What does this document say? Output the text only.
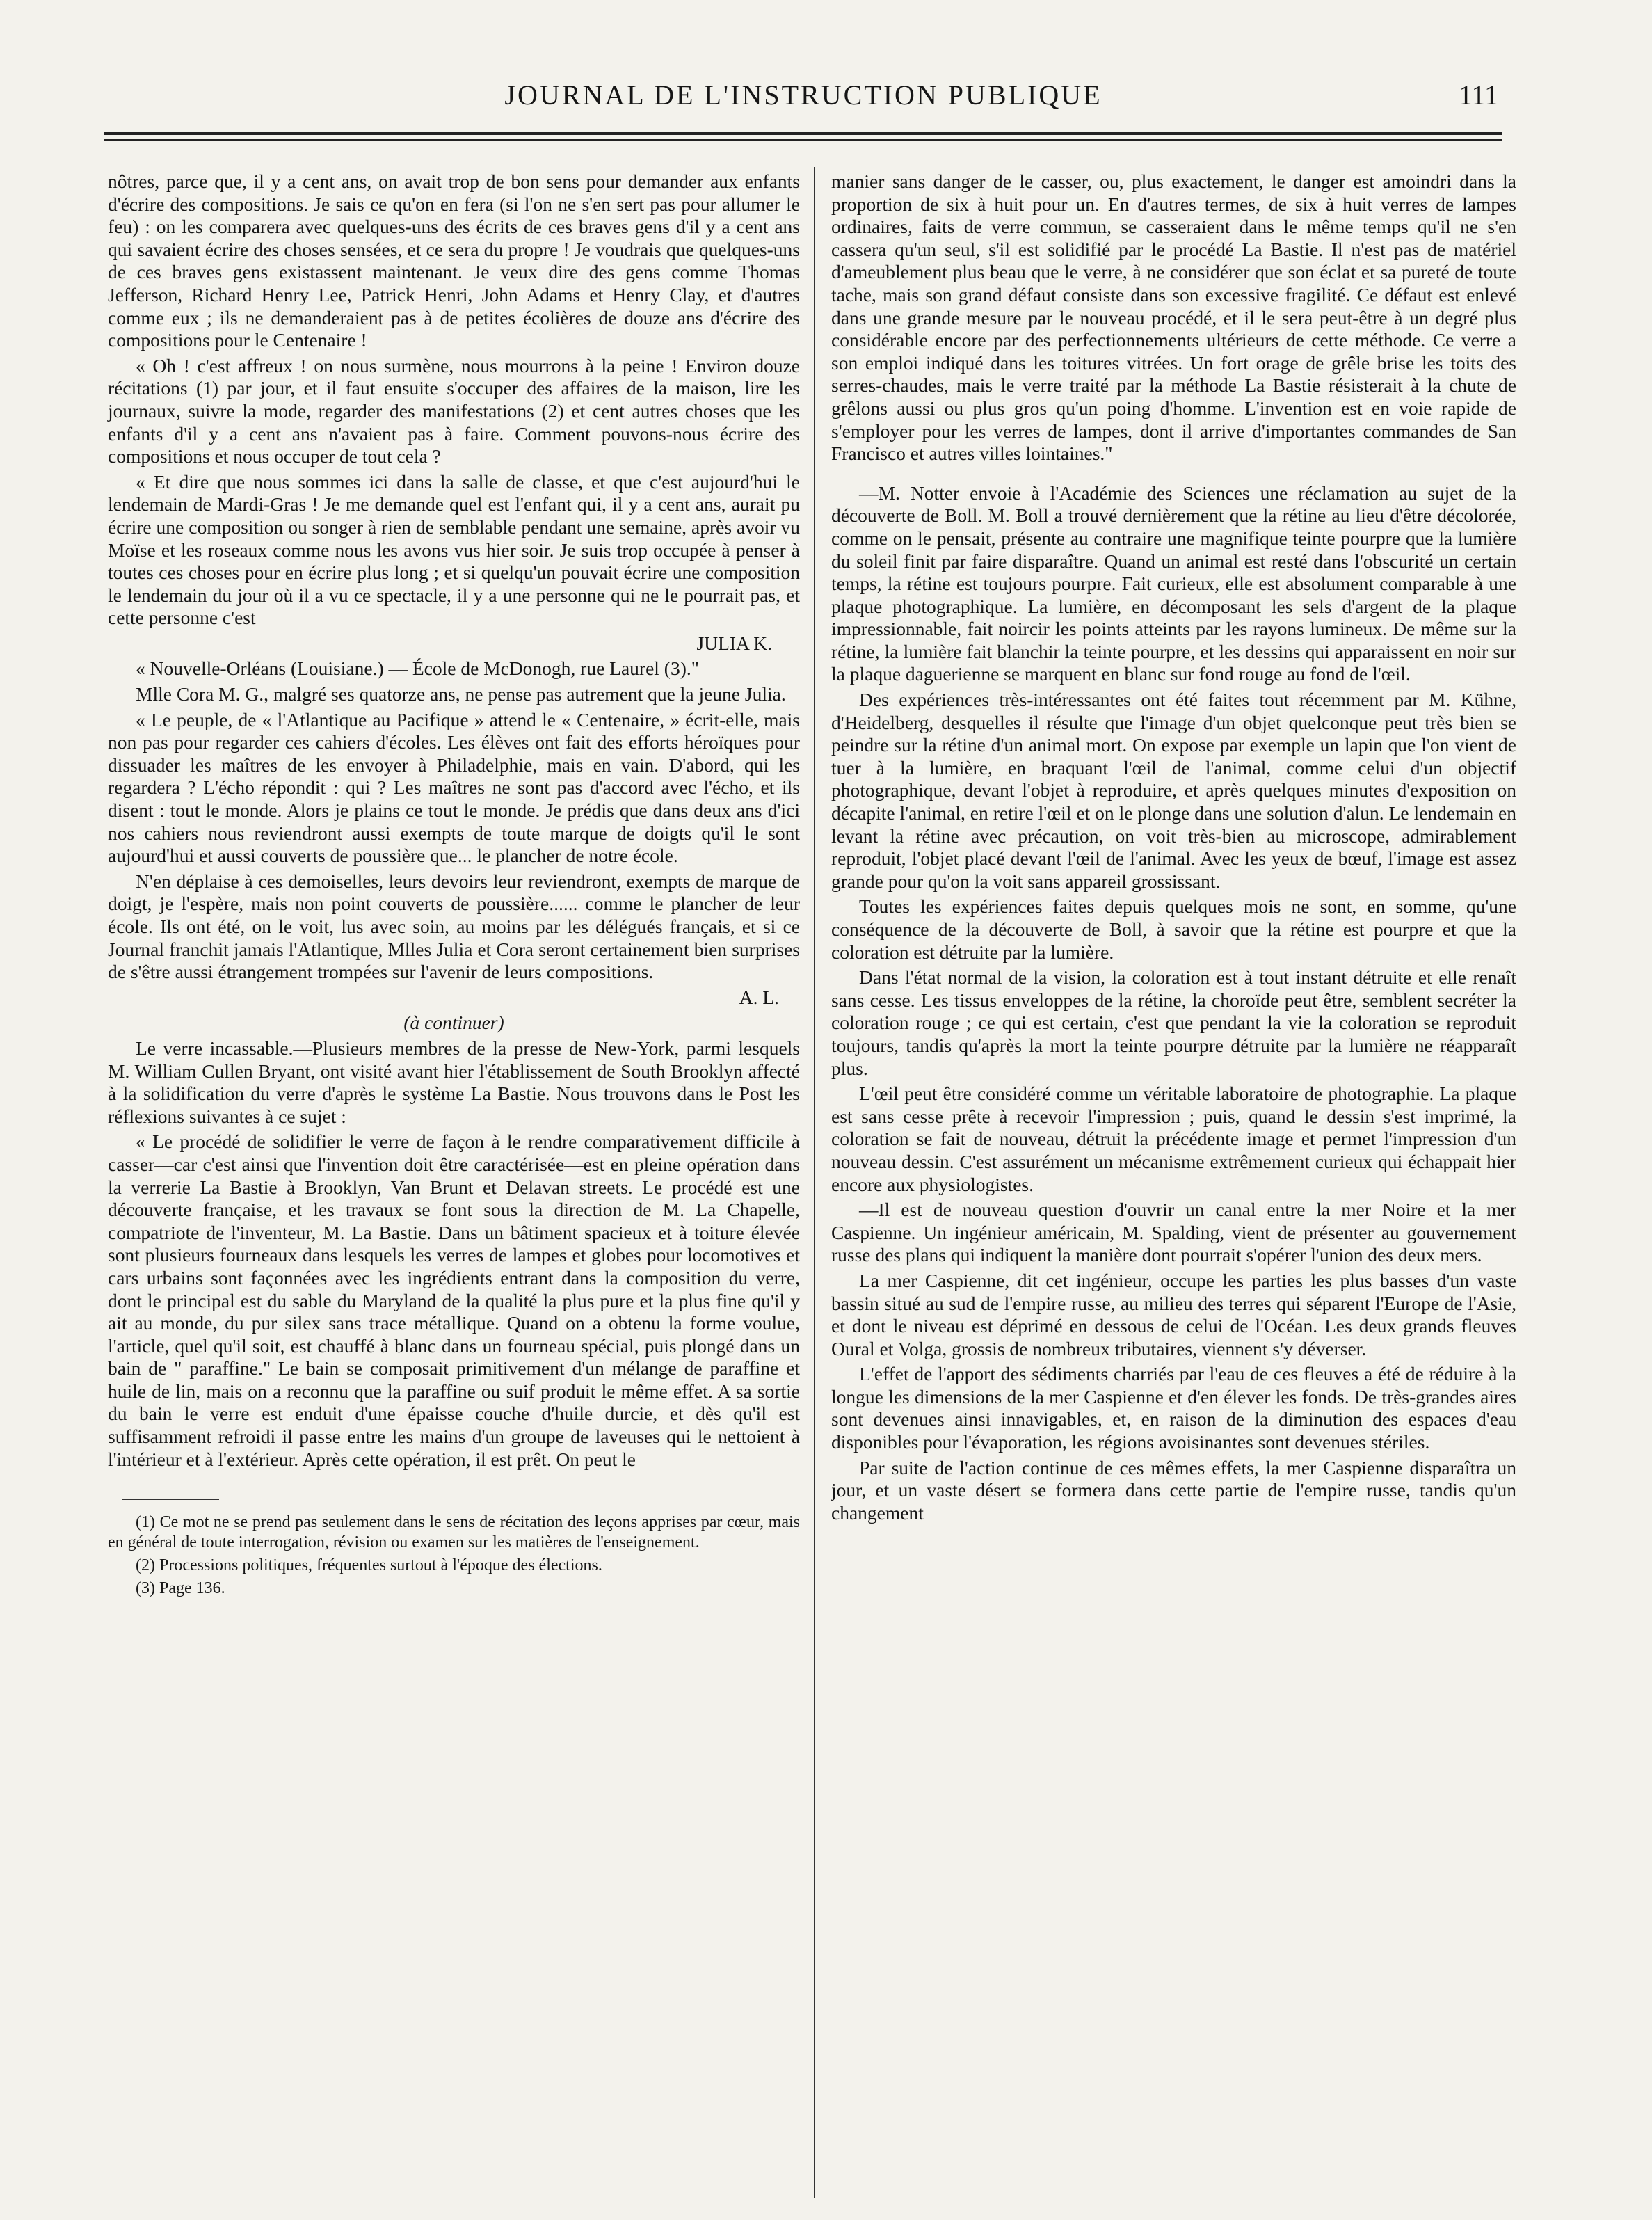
JOURNAL DE L'INSTRUCTION PUBLIQUE	111

nôtres, parce que, il y a cent ans, on avait trop de bon sens pour demander aux enfants d'écrire des compositions. Je sais ce qu'on en fera (si l'on ne s'en sert pas pour allumer le feu) : on les comparera avec quelques-uns des écrits de ces braves gens d'il y a cent ans qui savaient écrire des choses sensées, et ce sera du propre ! Je voudrais que quelques-uns de ces braves gens existassent maintenant. Je veux dire des gens comme Thomas Jefferson, Richard Henry Lee, Patrick Henri, John Adams et Henry Clay, et d'autres comme eux ; ils ne demanderaient pas à de petites écolières de douze ans d'écrire des compositions pour le Centenaire !

« Oh ! c'est affreux ! on nous surmène, nous mourrons à la peine ! Environ douze récitations (1) par jour, et il faut ensuite s'occuper des affaires de la maison, lire les journaux, suivre la mode, regarder des manifestations (2) et cent autres choses que les enfants d'il y a cent ans n'avaient pas à faire. Comment pouvons-nous écrire des compositions et nous occuper de tout cela ?

« Et dire que nous sommes ici dans la salle de classe, et que c'est aujourd'hui le lendemain de Mardi-Gras ! Je me demande quel est l'enfant qui, il y a cent ans, aurait pu écrire une composition ou songer à rien de semblable pendant une semaine, après avoir vu Moïse et les roseaux comme nous les avons vus hier soir. Je suis trop occupée à penser à toutes ces choses pour en écrire plus long ; et si quelqu'un pouvait écrire une composition le lendemain du jour où il a vu ce spectacle, il y a une personne qui ne le pourrait pas, et cette personne c'est

JULIA K.

« Nouvelle-Orléans (Louisiane.) — École de McDonogh, rue Laurel (3)."

Mlle Cora M. G., malgré ses quatorze ans, ne pense pas autrement que la jeune Julia.

« Le peuple, de « l'Atlantique au Pacifique » attend le « Centenaire, » écrit-elle, mais non pas pour regarder ces cahiers d'écoles. Les élèves ont fait des efforts héroïques pour dissuader les maîtres de les envoyer à Philadelphie, mais en vain. D'abord, qui les regardera ? L'écho répondit : qui ? Les maîtres ne sont pas d'accord avec l'écho, et ils disent : tout le monde. Alors je plains ce tout le monde. Je prédis que dans deux ans d'ici nos cahiers nous reviendront aussi exempts de toute marque de doigts qu'il le sont aujourd'hui et aussi couverts de poussière que... le plancher de notre école.

N'en déplaise à ces demoiselles, leurs devoirs leur reviendront, exempts de marque de doigt, je l'espère, mais non point couverts de poussière...... comme le plancher de leur école. Ils ont été, on le voit, lus avec soin, au moins par les délégués français, et si ce Journal franchit jamais l'Atlantique, Mlles Julia et Cora seront certainement bien surprises de s'être aussi étrangement trompées sur l'avenir de leurs compositions.

A. L.

(à continuer)

Le verre incassable.—Plusieurs membres de la presse de New-York, parmi lesquels M. William Cullen Bryant, ont visité avant hier l'établissement de South Brooklyn affecté à la solidification du verre d'après le système La Bastie. Nous trouvons dans le Post les réflexions suivantes à ce sujet :

« Le procédé de solidifier le verre de façon à le rendre comparativement difficile à casser—car c'est ainsi que l'invention doit être caractérisée—est en pleine opération dans la verrerie La Bastie à Brooklyn, Van Brunt et Delavan streets. Le procédé est une découverte française, et les travaux se font sous la direction de M. La Chapelle, compatriote de l'inventeur, M. La Bastie. Dans un bâtiment spacieux et à toiture élevée sont plusieurs fourneaux dans lesquels les verres de lampes et globes pour locomotives et cars urbains sont façonnées avec les ingrédients entrant dans la composition du verre, dont le principal est du sable du Maryland de la qualité la plus pure et la plus fine qu'il y ait au monde, du pur silex sans trace métallique. Quand on a obtenu la forme voulue, l'article, quel qu'il soit, est chauffé à blanc dans un fourneau spécial, puis plongé dans un bain de " paraffine." Le bain se composait primitivement d'un mélange de paraffine et huile de lin, mais on a reconnu que la paraffine ou suif produit le même effet. A sa sortie du bain le verre est enduit d'une épaisse couche d'huile durcie, et dès qu'il est suffisamment refroidi il passe entre les mains d'un groupe de laveuses qui le nettoient à l'intérieur et à l'extérieur. Après cette opération, il est prêt. On peut le

(1) Ce mot ne se prend pas seulement dans le sens de récitation des leçons apprises par cœur, mais en général de toute interrogation, révision ou examen sur les matières de l'enseignement.

(2) Processions politiques, fréquentes surtout à l'époque des élections.

(3) Page 136.

manier sans danger de le casser, ou, plus exactement, le danger est amoindri dans la proportion de six à huit pour un. En d'autres termes, de six à huit verres de lampes ordinaires, faits de verre commun, se casseraient dans le même temps qu'il ne s'en cassera qu'un seul, s'il est solidifié par le procédé La Bastie. Il n'est pas de matériel d'ameublement plus beau que le verre, à ne considérer que son éclat et sa pureté de toute tache, mais son grand défaut consiste dans son excessive fragilité. Ce défaut est enlevé dans une grande mesure par le nouveau procédé, et il le sera peut-être à un degré plus considérable encore par des perfectionnements ultérieurs de cette méthode. Ce verre a son emploi indiqué dans les toitures vitrées. Un fort orage de grêle brise les toits des serres-chaudes, mais le verre traité par la méthode La Bastie résisterait à la chute de grêlons aussi ou plus gros qu'un poing d'homme. L'invention est en voie rapide de s'employer pour les verres de lampes, dont il arrive d'importantes commandes de San Francisco et autres villes lointaines."

—M. Notter envoie à l'Académie des Sciences une réclamation au sujet de la découverte de Boll. M. Boll a trouvé dernièrement que la rétine au lieu d'être décolorée, comme on le pensait, présente au contraire une magnifique teinte pourpre que la lumière du soleil finit par faire disparaître. Quand un animal est resté dans l'obscurité un certain temps, la rétine est toujours pourpre. Fait curieux, elle est absolument comparable à une plaque photographique. La lumière, en décomposant les sels d'argent de la plaque impressionnable, fait noircir les points atteints par les rayons lumineux. De même sur la rétine, la lumière fait blanchir la teinte pourpre, et les dessins qui apparaissent en noir sur la plaque daguerienne se marquent en blanc sur fond rouge au fond de l'œil.

Des expériences très-intéressantes ont été faites tout récemment par M. Kühne, d'Heidelberg, desquelles il résulte que l'image d'un objet quelconque peut très bien se peindre sur la rétine d'un animal mort. On expose par exemple un lapin que l'on vient de tuer à la lumière, en braquant l'œil de l'animal, comme celui d'un objectif photographique, devant l'objet à reproduire, et après quelques minutes d'exposition on décapite l'animal, en retire l'œil et on le plonge dans une solution d'alun. Le lendemain en levant la rétine avec précaution, on voit très-bien au microscope, admirablement reproduit, l'objet placé devant l'œil de l'animal. Avec les yeux de bœuf, l'image est assez grande pour qu'on la voit sans appareil grossissant.

Toutes les expériences faites depuis quelques mois ne sont, en somme, qu'une conséquence de la découverte de Boll, à savoir que la rétine est pourpre et que la coloration est détruite par la lumière.

Dans l'état normal de la vision, la coloration est à tout instant détruite et elle renaît sans cesse. Les tissus enveloppes de la rétine, la choroïde peut être, semblent secréter la coloration rouge ; ce qui est certain, c'est que pendant la vie la coloration se reproduit toujours, tandis qu'après la mort la teinte pourpre détruite par la lumière ne réapparaît plus.

L'œil peut être considéré comme un véritable laboratoire de photographie. La plaque est sans cesse prête à recevoir l'impression ; puis, quand le dessin s'est imprimé, la coloration se fait de nouveau, détruit la précédente image et permet l'impression d'un nouveau dessin. C'est assurément un mécanisme extrêmement curieux qui échappait hier encore aux physiologistes.

—Il est de nouveau question d'ouvrir un canal entre la mer Noire et la mer Caspienne. Un ingénieur américain, M. Spalding, vient de présenter au gouvernement russe des plans qui indiquent la manière dont pourrait s'opérer l'union des deux mers.

La mer Caspienne, dit cet ingénieur, occupe les parties les plus basses d'un vaste bassin situé au sud de l'empire russe, au milieu des terres qui séparent l'Europe de l'Asie, et dont le niveau est déprimé en dessous de celui de l'Océan. Les deux grands fleuves Oural et Volga, grossis de nombreux tributaires, viennent s'y déverser.

L'effet de l'apport des sédiments charriés par l'eau de ces fleuves a été de réduire à la longue les dimensions de la mer Caspienne et d'en élever les fonds. De très-grandes aires sont devenues ainsi innavigables, et, en raison de la diminution des espaces d'eau disponibles pour l'évaporation, les régions avoisinantes sont devenues stériles.

Par suite de l'action continue de ces mêmes effets, la mer Caspienne disparaîtra un jour, et un vaste désert se formera dans cette partie de l'empire russe, tandis qu'un changement
